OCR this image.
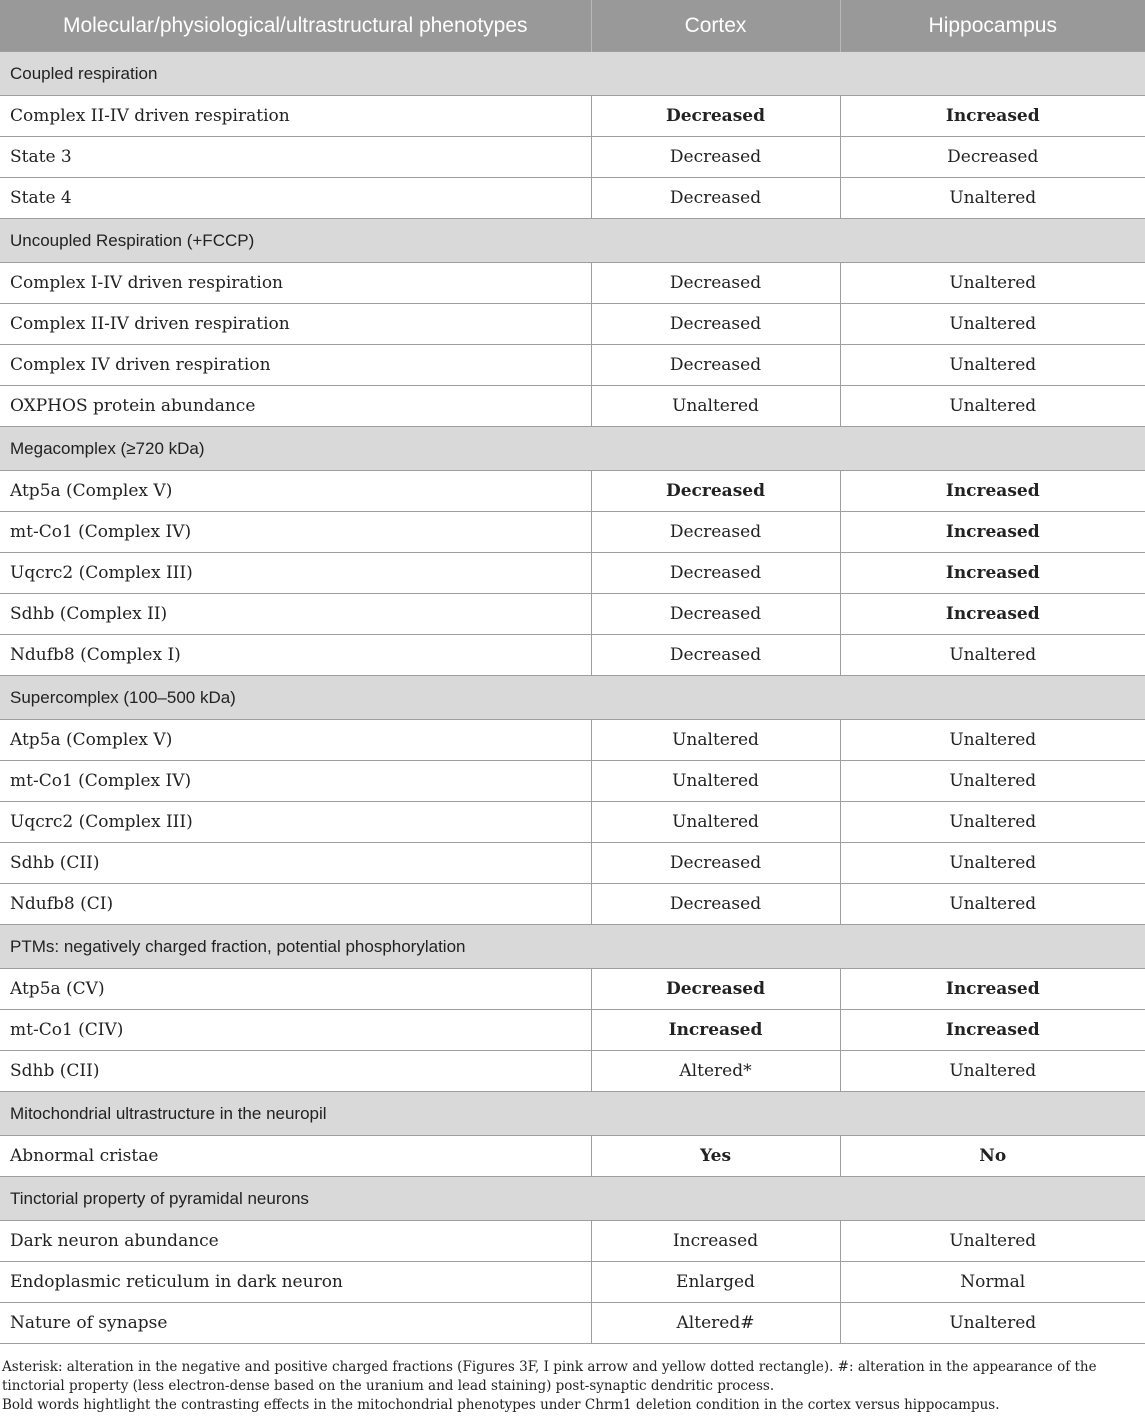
Molecular/physiological/ultrastructural phenotypes	Cortex	Hippocampus
Coupled respiration		
Complex II-IV driven respiration	Decreased	Increased
State 3	Decreased	Decreased
State 4	Decreased	Unaltered
Uncoupled Respiration (+FCCP)		
Complex I-IV driven respiration	Decreased	Unaltered
Complex II-IV driven respiration	Decreased	Unaltered
Complex IV driven respiration	Decreased	Unaltered
OXPHOS protein abundance	Unaltered	Unaltered
Megacomplex (≥720 kDa)		
Atp5a (Complex V)	Decreased	Increased
mt-Co1 (Complex IV)	Decreased	Increased
Uqcrc2 (Complex III)	Decreased	Increased
Sdhb (Complex II)	Decreased	Increased
Ndufb8 (Complex I)	Decreased	Unaltered
Supercomplex (100–500 kDa)		
Atp5a (Complex V)	Unaltered	Unaltered
mt-Co1 (Complex IV)	Unaltered	Unaltered
Uqcrc2 (Complex III)	Unaltered	Unaltered
Sdhb (CII)	Decreased	Unaltered
Ndufb8 (CI)	Decreased	Unaltered
PTMs: negatively charged fraction, potential phosphorylation		
Atp5a (CV)	Decreased	Increased
mt-Co1 (CIV)	Increased	Increased
Sdhb (CII)	Altered*	Unaltered
Mitochondrial ultrastructure in the neuropil		
Abnormal cristae	Yes	No
Tinctorial property of pyramidal neurons		
Dark neuron abundance	Increased	Unaltered
Endoplasmic reticulum in dark neuron	Enlarged	Normal
Nature of synapse	Altered#	Unaltered

Asterisk: alteration in the negative and positive charged fractions (Figures 3F, I pink arrow and yellow dotted rectangle). #: alteration in the appearance of the tinctorial property (less electron-dense based on the uranium and lead staining) post-synaptic dendritic process.

Bold words hightlight the contrasting effects in the mitochondrial phenotypes under Chrm1 deletion condition in the cortex versus hippocampus.
